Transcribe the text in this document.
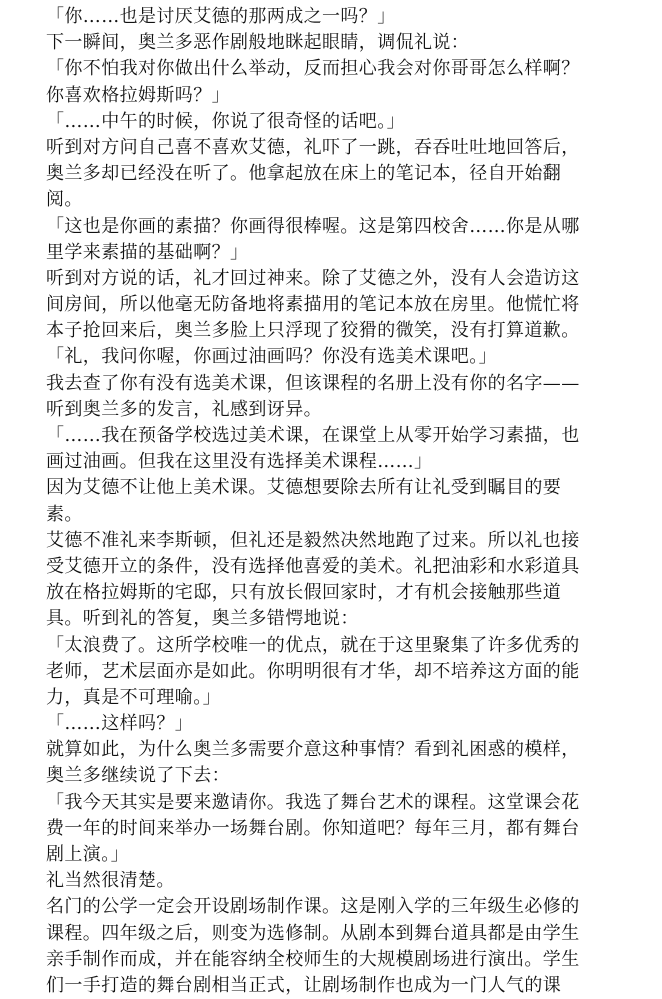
「你……也是讨厌艾德的那两成之一吗？」
下一瞬间，奥兰多恶作剧般地眯起眼睛，调侃礼说：
「你不怕我对你做出什么举动，反而担心我会对你哥哥怎么样啊？
你喜欢格拉姆斯吗？」
「……中午的时候，你说了很奇怪的话吧。」
听到对方问自己喜不喜欢艾德，礼吓了一跳，吞吞吐吐地回答后，
奥兰多却已经没在听了。他拿起放在床上的笔记本，径自开始翻
阅。
「这也是你画的素描？你画得很棒喔。这是第四校舍……你是从哪
里学来素描的基础啊？」
听到对方说的话，礼才回过神来。除了艾德之外，没有人会造访这
间房间，所以他毫无防备地将素描用的笔记本放在房里。他慌忙将
本子抢回来后，奥兰多脸上只浮现了狡猾的微笑，没有打算道歉。
「礼，我问你喔，你画过油画吗？你没有选美术课吧。」
我去查了你有没有选美术课，但该课程的名册上没有你的名字——
听到奥兰多的发言，礼感到讶异。
「……我在预备学校选过美术课，在课堂上从零开始学习素描，也
画过油画。但我在这里没有选择美术课程……」
因为艾德不让他上美术课。艾德想要除去所有让礼受到瞩目的要
素。
艾德不准礼来李斯顿，但礼还是毅然决然地跑了过来。所以礼也接
受艾德开立的条件，没有选择他喜爱的美术。礼把油彩和水彩道具
放在格拉姆斯的宅邸，只有放长假回家时，才有机会接触那些道
具。听到礼的答复，奥兰多错愕地说：
「太浪费了。这所学校唯一的优点，就在于这里聚集了许多优秀的
老师，艺术层面亦是如此。你明明很有才华，却不培养这方面的能
力，真是不可理喻。」
「……这样吗？」
就算如此，为什么奥兰多需要介意这种事情？看到礼困惑的模样，
奥兰多继续说了下去：
「我今天其实是要来邀请你。我选了舞台艺术的课程。这堂课会花
费一年的时间来举办一场舞台剧。你知道吧？每年三月，都有舞台
剧上演。」
礼当然很清楚。
名门的公学一定会开设剧场制作课。这是刚入学的三年级生必修的
课程。四年级之后，则变为选修制。从剧本到舞台道具都是由学生
亲手制作而成，并在能容纳全校师生的大规模剧场进行演出。学生
们一手打造的舞台剧相当正式，让剧场制作也成为一门人气的课
